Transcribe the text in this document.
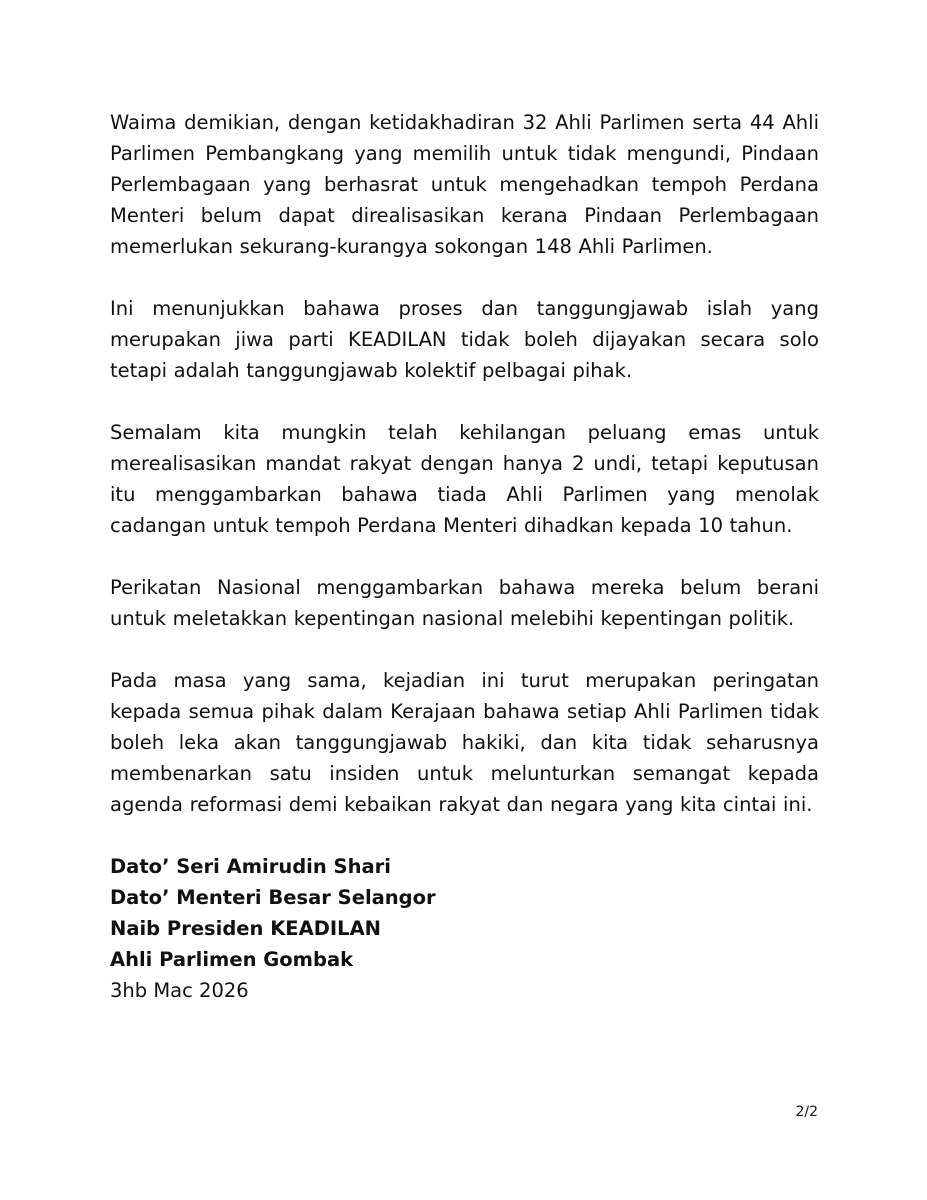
Waima demikian, dengan ketidakhadiran 32 Ahli Parlimen serta 44 Ahli Parlimen Pembangkang yang memilih untuk tidak mengundi, Pindaan Perlembagaan yang berhasrat untuk mengehadkan tempoh Perdana Menteri belum dapat direalisasikan kerana Pindaan Perlembagaan memerlukan sekurang-kurangya sokongan 148 Ahli Parlimen.

Ini menunjukkan bahawa proses dan tanggungjawab islah yang merupakan jiwa parti KEADILAN tidak boleh dijayakan secara solo tetapi adalah tanggungjawab kolektif pelbagai pihak.

Semalam kita mungkin telah kehilangan peluang emas untuk merealisasikan mandat rakyat dengan hanya 2 undi, tetapi keputusan itu menggambarkan bahawa tiada Ahli Parlimen yang menolak cadangan untuk tempoh Perdana Menteri dihadkan kepada 10 tahun.

Perikatan Nasional menggambarkan bahawa mereka belum berani untuk meletakkan kepentingan nasional melebihi kepentingan politik.

Pada masa yang sama, kejadian ini turut merupakan peringatan kepada semua pihak dalam Kerajaan bahawa setiap Ahli Parlimen tidak boleh leka akan tanggungjawab hakiki, dan kita tidak seharusnya membenarkan satu insiden untuk melunturkan semangat kepada agenda reformasi demi kebaikan rakyat dan negara yang kita cintai ini.

Dato’ Seri Amirudin Shari

Dato’ Menteri Besar Selangor

Naib Presiden KEADILAN

Ahli Parlimen Gombak

3hb Mac 2026

2/2
